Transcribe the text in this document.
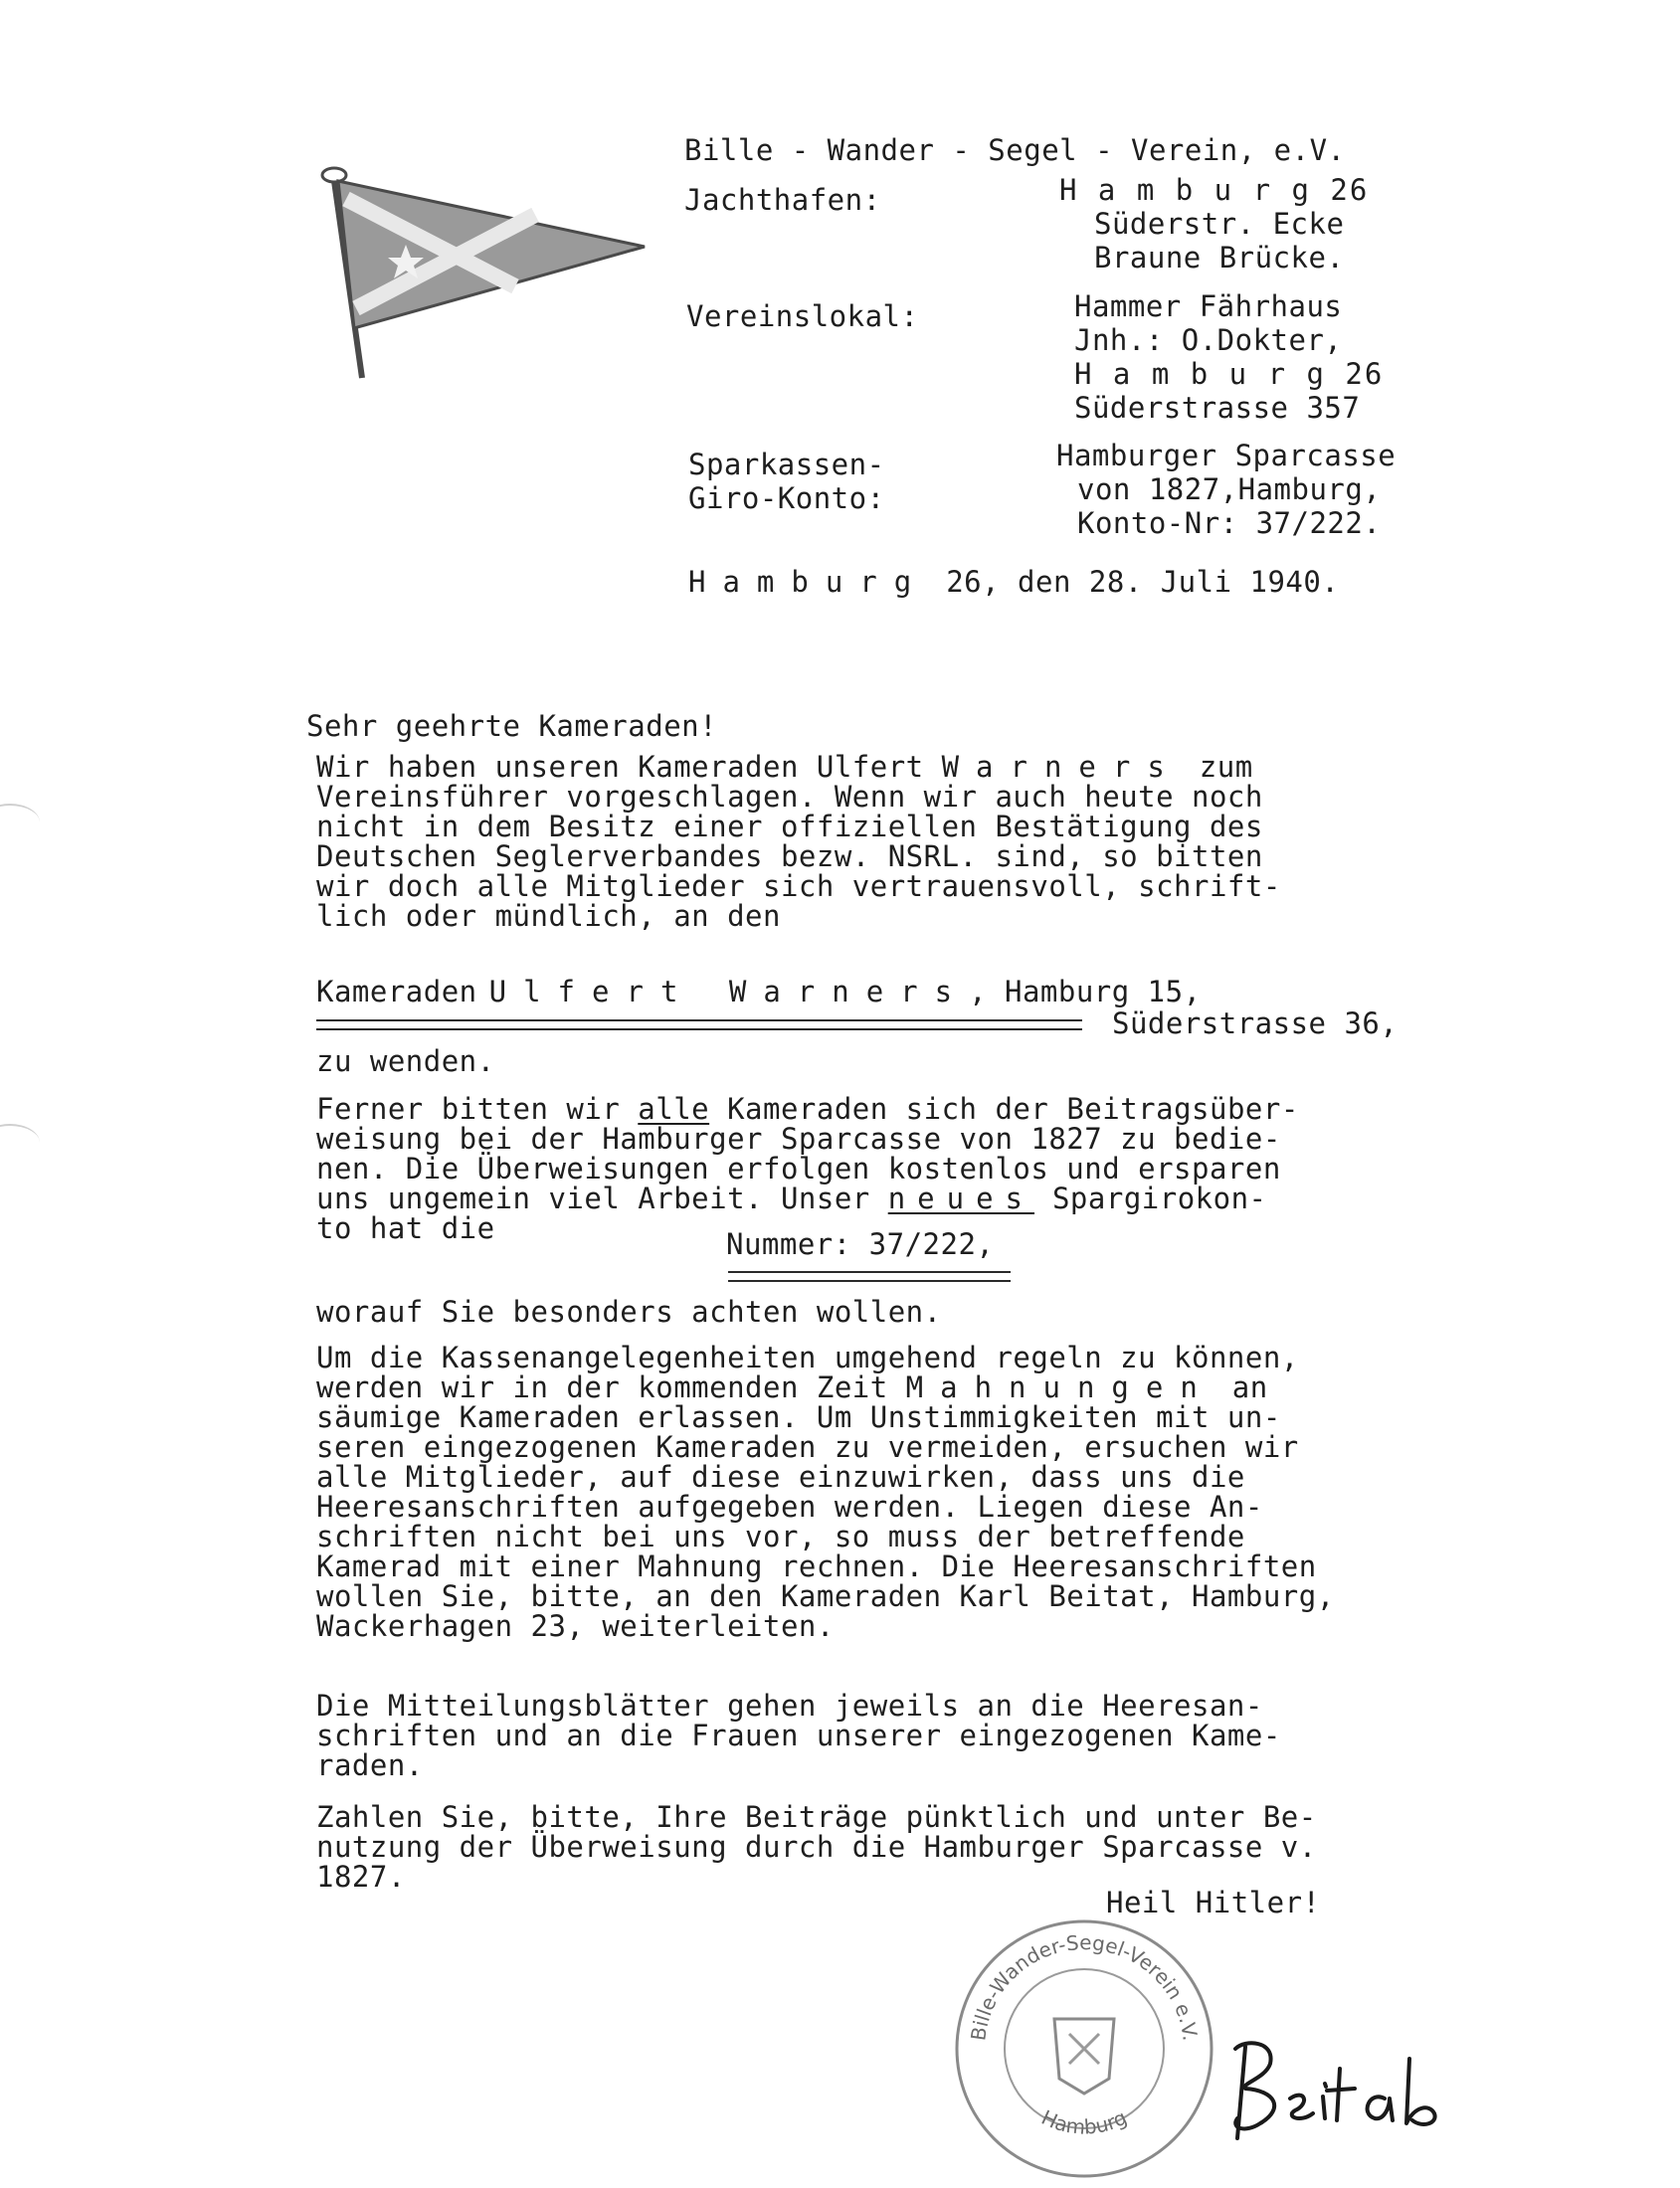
Bille - Wander - Segel - Verein, e.V.
Jachthafen:	H a m b u r g 26
Süderstr. Ecke
Braune Brücke.
Vereinslokal:	Hammer Fährhaus
Jnh.: O.Dokter,
H a m b u r g 26
Süderstrasse 357
Sparkassen-
Giro-Konto:
Hamburger Sparcasse
von 1827,Hamburg,
Konto-Nr: 37/222.
Hamburg 26, den 28. Juli 1940.
Sehr geehrte Kameraden!
Wir haben unseren Kameraden Ulfert Warners zum
Vereinsführer vorgeschlagen. Wenn wir auch heute noch
nicht in dem Besitz einer offiziellen Bestätigung des
Deutschen Seglerverbandes bezw. NSRL. sind, so bitten
wir doch alle Mitglieder sich vertrauensvoll, schrift-
lich oder mündlich, an den
Kameraden Ulfert Warners, Hamburg 15,
Süderstrasse 36,
zu wenden.
Ferner bitten wir alle Kameraden sich der Beitragsüber-
weisung bei der Hamburger Sparcasse von 1827 zu bedie-
nen. Die Überweisungen erfolgen kostenlos und ersparen
uns ungemein viel Arbeit. Unser neues Spargirokon-
to hat die	Nummer: 37/222,
worauf Sie besonders achten wollen.
Um die Kassenangelegenheiten umgehend regeln zu können,
werden wir in der kommenden Zeit Mahnungen an
säumige Kameraden erlassen. Um Unstimmigkeiten mit un-
seren eingezogenen Kameraden zu vermeiden, ersuchen wir
alle Mitglieder, auf diese einzuwirken, dass uns die
Heeresanschriften aufgegeben werden. Liegen diese An-
schriften nicht bei uns vor, so muss der betreffende
Kamerad mit einer Mahnung rechnen. Die Heeresanschriften
wollen Sie, bitte, an den Kameraden Karl Beitat, Hamburg,
Wackerhagen 23, weiterleiten.
Die Mitteilungsblätter gehen jeweils an die Heeresan-
schriften und an die Frauen unserer eingezogenen Kame-
raden.
Zahlen Sie, bitte, Ihre Beiträge pünktlich und unter Be-
nutzung der Überweisung durch die Hamburger Sparcasse v.
1827.
Heil Hitler!
Bille-Wander-Segel-Verein e.V.
Hamburg
